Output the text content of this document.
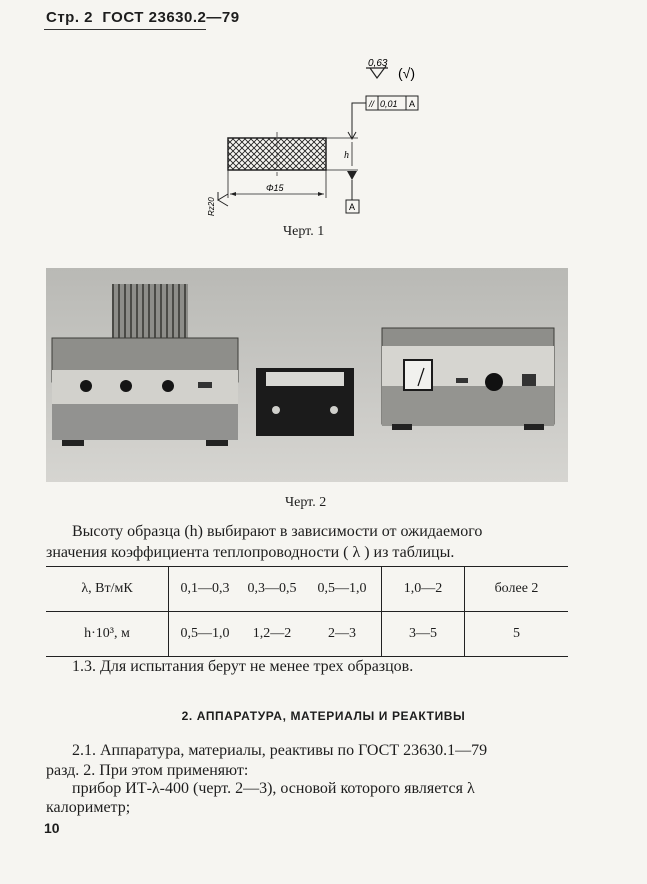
Стр. 2 ГОСТ 23630.2—79
0,63
(√)
// 0,01 A
h
A
Φ15
Rz20
Черт. 1
Черт. 2
Высоту образца (h) выбирают в зависимости от ожидаемого
значения коэффициента теплопроводности ( λ ) из таблицы.
λ, Вт/мК	0,1—0,3 0,3—0,5 0,5—1,0	1,0—2	более 2
h·10³, м	0,5—1,0 1,2—2 2—3	3—5	5
1.3. Для испытания берут не менее трех образцов.
2. АППАРАТУРА, МАТЕРИАЛЫ И РЕАКТИВЫ
2.1. Аппаратура, материалы, реактивы по ГОСТ 23630.1—79
разд. 2. При этом применяют:
прибор ИТ-λ-400 (черт. 2—3), основой которого является λ
калориметр;
10
